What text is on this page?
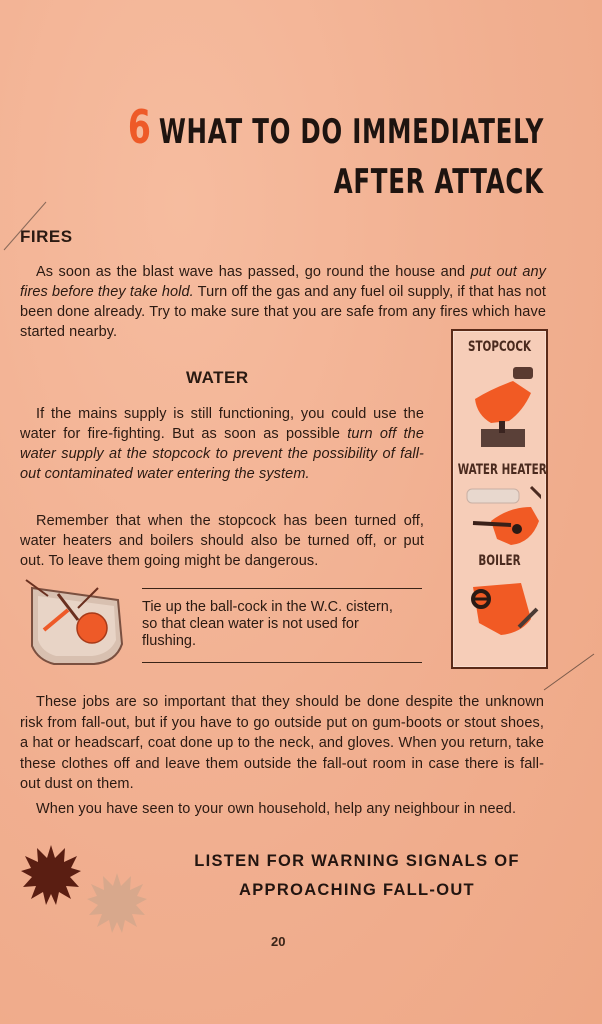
6 WHAT TO DO IMMEDIATELY
AFTER ATTACK
FIRES
As soon as the blast wave has passed, go round the house and put out any fires before they take hold. Turn off the gas and any fuel oil supply, if that has not been done already. Try to make sure that you are safe from any fires which have started nearby.
WATER
If the mains supply is still functioning, you could use the water for fire-fighting. But as soon as possible turn off the water supply at the stopcock to prevent the possibility of fall-out contaminated water entering the system.
Remember that when the stopcock has been turned off, water heaters and boilers should also be turned off, or put out. To leave them going might be dangerous.
Tie up the ball-cock in the W.C. cistern, so that clean water is not used for flushing.
STOPCOCK
WATER HEATER
BOILER
These jobs are so important that they should be done despite the unknown risk from fall-out, but if you have to go outside put on gum-boots or stout shoes, a hat or headscarf, coat done up to the neck, and gloves. When you return, take these clothes off and leave them outside the fall-out room in case there is fall-out dust on them.
When you have seen to your own household, help any neighbour in need.
LISTEN FOR WARNING SIGNALS OF
APPROACHING FALL-OUT
20
